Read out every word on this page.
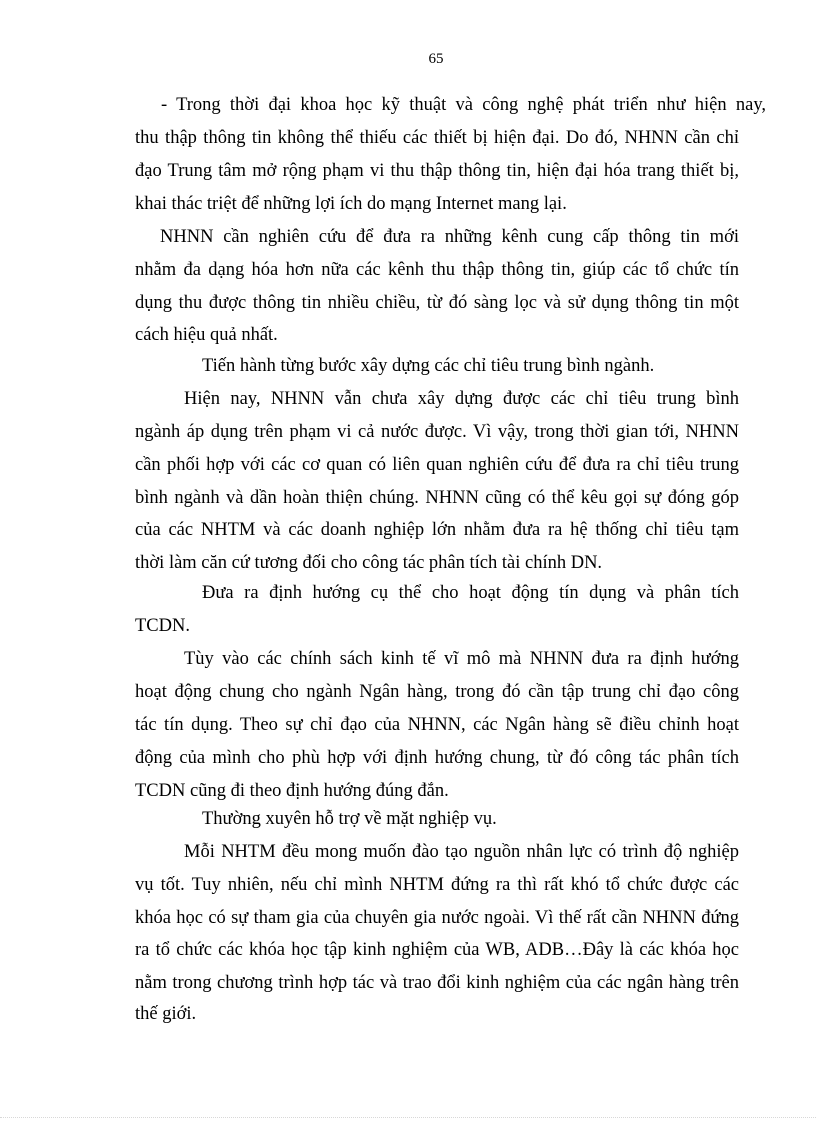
65

- Trong thời đại khoa học kỹ thuật và công nghệ phát triển như hiện nay,

thu thập thông tin không thể thiếu các thiết bị hiện đại. Do đó, NHNN cần chỉ

đạo Trung tâm mở rộng phạm vi thu thập thông tin, hiện đại hóa trang thiết bị,

khai thác triệt để những lợi ích do mạng Internet mang lại.

NHNN cần nghiên cứu để đưa ra những kênh cung cấp thông tin mới

nhằm đa dạng hóa hơn nữa các kênh thu thập thông tin, giúp các tổ chức tín

dụng thu được thông tin nhiều chiều, từ đó sàng lọc và sử dụng thông tin một

cách hiệu quả nhất.

Tiến hành từng bước xây dựng các chỉ tiêu trung bình ngành.

Hiện nay, NHNN vẫn chưa xây dựng được các chỉ tiêu trung bình

ngành áp dụng trên phạm vi cả nước được. Vì vậy, trong thời gian tới, NHNN

cần phối hợp với các cơ quan có liên quan nghiên cứu để đưa ra chỉ tiêu trung

bình ngành và dần hoàn thiện chúng. NHNN cũng có thể kêu gọi sự đóng góp

của các NHTM và các doanh nghiệp lớn nhằm đưa ra hệ thống chỉ tiêu tạm

thời làm căn cứ tương đối cho công tác phân tích tài chính DN.

Đưa ra định hướng cụ thể cho hoạt động tín dụng và phân tích

TCDN.

Tùy vào các chính sách kinh tế vĩ mô mà NHNN đưa ra định hướng

hoạt động chung cho ngành Ngân hàng, trong đó cần tập trung chỉ đạo công

tác tín dụng. Theo sự chỉ đạo của NHNN, các Ngân hàng sẽ điều chỉnh hoạt

động của mình cho phù hợp với định hướng chung, từ đó công tác phân tích

TCDN cũng đi theo định hướng đúng đắn.

Thường xuyên hỗ trợ về mặt nghiệp vụ.

Mỗi NHTM đều mong muốn đào tạo nguồn nhân lực có trình độ nghiệp

vụ tốt. Tuy nhiên, nếu chỉ mình NHTM đứng ra thì rất khó tổ chức được các

khóa học có sự tham gia của chuyên gia nước ngoài. Vì thế rất cần NHNN đứng

ra tổ chức các khóa học tập kinh nghiệm của WB, ADB…Đây là các khóa học

nằm trong chương trình hợp tác và trao đổi kinh nghiệm của các ngân hàng trên

thế giới.
